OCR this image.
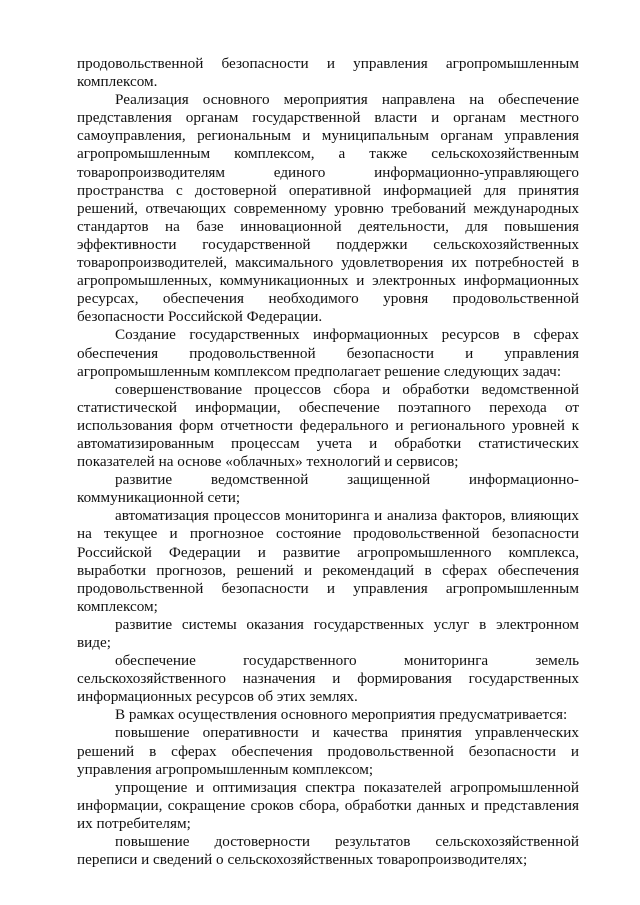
продовольственной безопасности и управления агропромышленным комплексом.

Реализация основного мероприятия направлена на обеспечение представления органам государственной власти и органам местного самоуправления, региональным и муниципальным органам управления агропромышленным комплексом, а также сельскохозяйственным товаропроизводителям единого информационно-управляющего пространства с достоверной оперативной информацией для принятия решений, отвечающих современному уровню требований международных стандартов на базе инновационной деятельности, для повышения эффективности государственной поддержки сельскохозяйственных товаропроизводителей, максимального удовлетворения их потребностей в агропромышленных, коммуникационных и электронных информационных ресурсах, обеспечения необходимого уровня продовольственной безопасности Российской Федерации.

Создание государственных информационных ресурсов в сферах обеспечения продовольственной безопасности и управления агропромышленным комплексом предполагает решение следующих задач:

совершенствование процессов сбора и обработки ведомственной статистической информации, обеспечение поэтапного перехода от использования форм отчетности федерального и регионального уровней к автоматизированным процессам учета и обработки статистических показателей на основе «облачных» технологий и сервисов;

развитие ведомственной защищенной информационно-коммуникационной сети;

автоматизация процессов мониторинга и анализа факторов, влияющих на текущее и прогнозное состояние продовольственной безопасности Российской Федерации и развитие агропромышленного комплекса, выработки прогнозов, решений и рекомендаций в сферах обеспечения продовольственной безопасности и управления агропромышленным комплексом;

развитие системы оказания государственных услуг в электронном виде;

обеспечение государственного мониторинга земель сельскохозяйственного назначения и формирования государственных информационных ресурсов об этих землях.

В рамках осуществления основного мероприятия предусматривается:

повышение оперативности и качества принятия управленческих решений в сферах обеспечения продовольственной безопасности и управления агропромышленным комплексом;

упрощение и оптимизация спектра показателей агропромышленной информации, сокращение сроков сбора, обработки данных и представления их потребителям;

повышение достоверности результатов сельскохозяйственной переписи и сведений о сельскохозяйственных товаропроизводителях;
